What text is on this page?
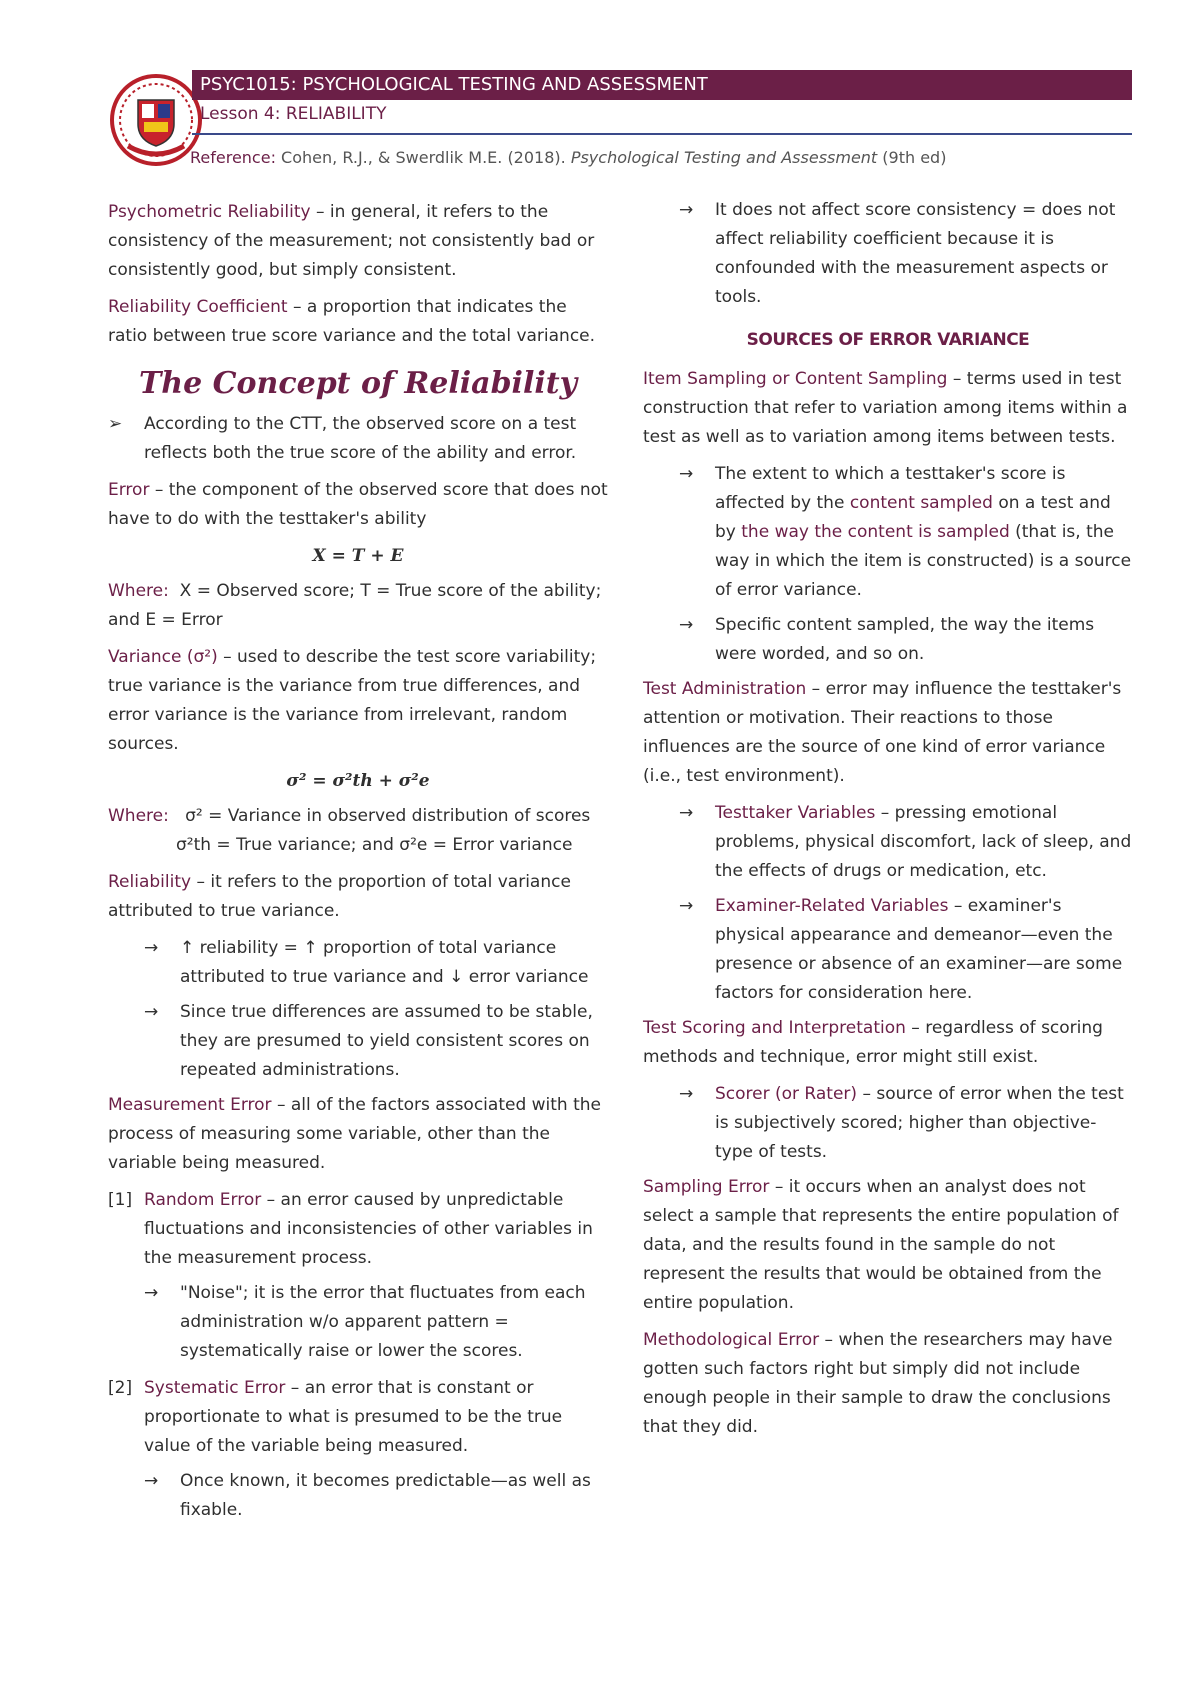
PSYC1015: PSYCHOLOGICAL TESTING AND ASSESSMENT
Lesson 4: RELIABILITY
Reference: Cohen, R.J., & Swerdlik M.E. (2018). Psychological Testing and Assessment (9th ed)

Psychometric Reliability – in general, it refers to the consistency of the measurement; not consistently bad or consistently good, but simply consistent.

Reliability Coefficient – a proportion that indicates the ratio between true score variance and the total variance.

The Concept of Reliability
➢ According to the CTT, the observed score on a test reflects both the true score of the ability and error.

Error – the component of the observed score that does not have to do with the testtaker's ability

X = T + E

Where: X = Observed score; T = True score of the ability; and E = Error

Variance (σ²) – used to describe the test score variability; true variance is the variance from true differences, and error variance is the variance from irrelevant, random sources.

σ² = σ²th + σ²e
Where: σ² = Variance in observed distribution of scores
σ²th = True variance; and σ²e = Error variance

Reliability – it refers to the proportion of total variance attributed to true variance.

→ ↑ reliability = ↑ proportion of total variance attributed to true variance and ↓ error variance
→ Since true differences are assumed to be stable, they are presumed to yield consistent scores on repeated administrations.

Measurement Error – all of the factors associated with the process of measuring some variable, other than the variable being measured.

[1] Random Error – an error caused by unpredictable fluctuations and inconsistencies of other variables in the measurement process.
→ "Noise"; it is the error that fluctuates from each administration w/o apparent pattern = systematically raise or lower the scores.
[2] Systematic Error – an error that is constant or proportionate to what is presumed to be the true value of the variable being measured.
→ Once known, it becomes predictable—as well as fixable.
→ It does not affect score consistency = does not affect reliability coefficient because it is confounded with the measurement aspects or tools.
SOURCES OF ERROR VARIANCE

Item Sampling or Content Sampling – terms used in test construction that refer to variation among items within a test as well as to variation among items between tests.

→ The extent to which a testtaker's score is affected by the content sampled on a test and by the way the content is sampled (that is, the way in which the item is constructed) is a source of error variance.
→ Specific content sampled, the way the items were worded, and so on.

Test Administration – error may influence the testtaker's attention or motivation. Their reactions to those influences are the source of one kind of error variance (i.e., test environment).

→ Testtaker Variables – pressing emotional problems, physical discomfort, lack of sleep, and the effects of drugs or medication, etc.
→ Examiner-Related Variables – examiner's physical appearance and demeanor—even the presence or absence of an examiner—are some factors for consideration here.

Test Scoring and Interpretation – regardless of scoring methods and technique, error might still exist.

→ Scorer (or Rater) – source of error when the test is subjectively scored; higher than objective-type of tests.

Sampling Error – it occurs when an analyst does not select a sample that represents the entire population of data, and the results found in the sample do not represent the results that would be obtained from the entire population.

Methodological Error – when the researchers may have gotten such factors right but simply did not include enough people in their sample to draw the conclusions that they did.
